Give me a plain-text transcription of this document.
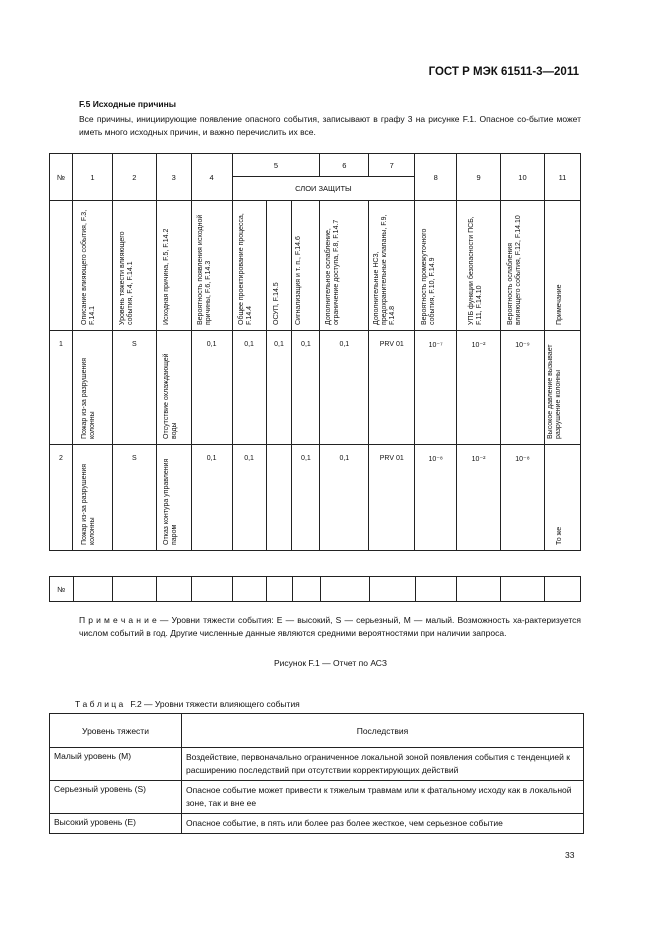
ГОСТ Р МЭК 61511-3—2011
F.5 Исходные причины
Все причины, инициирующие появление опасного события, записывают в графу 3 на рисунке F.1. Опасное со-бытие может иметь много исходных причин, и важно перечислить их все.
№	1	2	3	4	5			6	7	8	9	10	11
					СЛОИ ЗАЩИТЫ								

	Описание влияющего события, F.3, F.14.1	Уровень тяжести влияющего события, F.4, F.14.1	Исходная причина, F.5, F.14.2	Вероятность появления исходной причины, F.6, F.14.3	Общее проектирование процесса, F.14.4	ОСУП, F.14.5	Сигнализация и т. п., F.14.6	Дополнительное ослабление, ограничение доступа, F.8, F.14.7	Дополнительные НСЗ, предохранительные клапаны, F.9, F.14.8	Вероятность промежуточного события, F.10, F.14.9	УПБ функции безопасности ПСБ, F.11, F.14.10	Вероятность ослабления влияющего события, F.12, F.14.10	Примечание

1	Пожар из-за разрушения колонны	S	Отсутствие охлаждающей воды	0,1	0,1	0,1	0,1	0,1	PRV 01	10⁻⁷	10⁻²	10⁻⁹	Высокое давление вызывает разрушение колонны

2	Пожар из-за разрушения колонны	S	Отказ контура управления паром	0,1	0,1		0,1	0,1	PRV 01	10⁻⁸	10⁻²	10⁻⁸	То же
№													
П р и м е ч а н и е — Уровни тяжести события: E — высокий, S — серьезный, M — малый. Возможность ха-рактеризуется числом событий в год. Другие численные данные являются средними вероятностями при наличии запроса.
Рисунок F.1 — Отчет по АСЗ
Т а б л и ц а   F.2 — Уровни тяжести влияющего события
Уровень тяжести	Последствия
Малый уровень (M)	Воздействие, первоначально ограниченное локальной зоной появления события с тенденцией к расширению последствий при отсутствии корректирующих действий
Серьезный уровень (S)	Опасное событие может привести к тяжелым травмам или к фатальному исходу как в локальной зоне, так и вне ее
Высокий уровень (E)	Опасное событие, в пять или более раз более жесткое, чем серьезное событие
33
